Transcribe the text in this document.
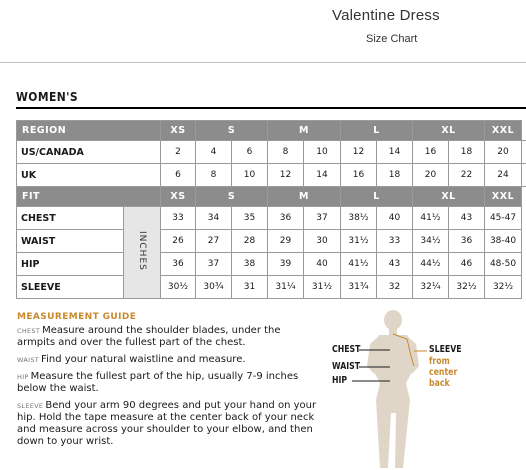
Valentine Dress
Size Chart
WOMEN'S
REGION		XS	S		M		L		XL		XXL	
US/CANADA		2	4	6	8	10	12	14	16	18	20	
UK		6	8	10	12	14	16	18	20	22	24	
FIT		XS	S		M		L		XL		XXL	
CHEST	INCHES	33	34	35	36	37	38½	40	41½	43	45-47	
WAIST		26	27	28	29	30	31½	33	34½	36	38-40	
HIP		36	37	38	39	40	41½	43	44½	46	48-50	
SLEEVE		30½	30¾	31	31¼	31½	31¾	32	32¼	32½	32½	
MEASUREMENT GUIDE
CHEST Measure around the shoulder blades, under the armpits and over the fullest part of the chest.
WAIST Find your natural waistline and measure.
HIP Measure the fullest part of the hip, usually 7-9 inches below the waist.
SLEEVE Bend your arm 90 degrees and put your hand on your hip. Hold the tape measure at the center back of your neck and measure across your shoulder to your elbow, and then down to your wrist.
CHEST
WAIST
HIP
SLEEVE
from
center
back
